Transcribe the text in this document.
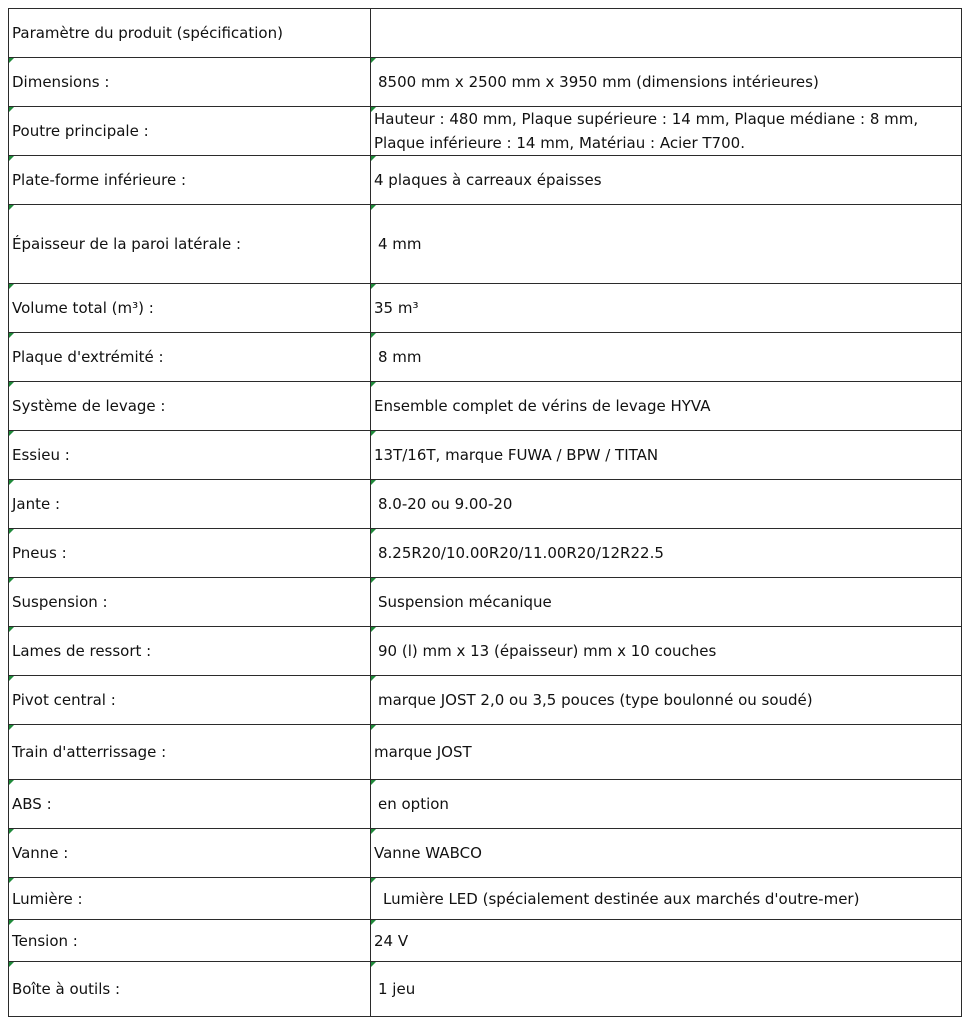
Paramètre du produit (spécification)	
Dimensions :	8500 mm x 2500 mm x 3950 mm (dimensions intérieures)
Poutre principale :	Hauteur : 480 mm, Plaque supérieure : 14 mm, Plaque médiane : 8 mm, Plaque inférieure : 14 mm, Matériau : Acier T700.
Plate-forme inférieure :	4 plaques à carreaux épaisses
Épaisseur de la paroi latérale :	4 mm
Volume total (m³) :	35 m³
Plaque d'extrémité :	8 mm
Système de levage :	Ensemble complet de vérins de levage HYVA
Essieu :	13T/16T, marque FUWA / BPW / TITAN
Jante :	8.0-20 ou 9.00-20
Pneus :	8.25R20/10.00R20/11.00R20/12R22.5
Suspension :	Suspension mécanique
Lames de ressort :	90 (l) mm x 13 (épaisseur) mm x 10 couches
Pivot central :	marque JOST 2,0 ou 3,5 pouces (type boulonné ou soudé)
Train d'atterrissage :	marque JOST
ABS :	en option
Vanne :	Vanne WABCO
Lumière :	Lumière LED (spécialement destinée aux marchés d'outre-mer)
Tension :	24 V
Boîte à outils :	1 jeu
